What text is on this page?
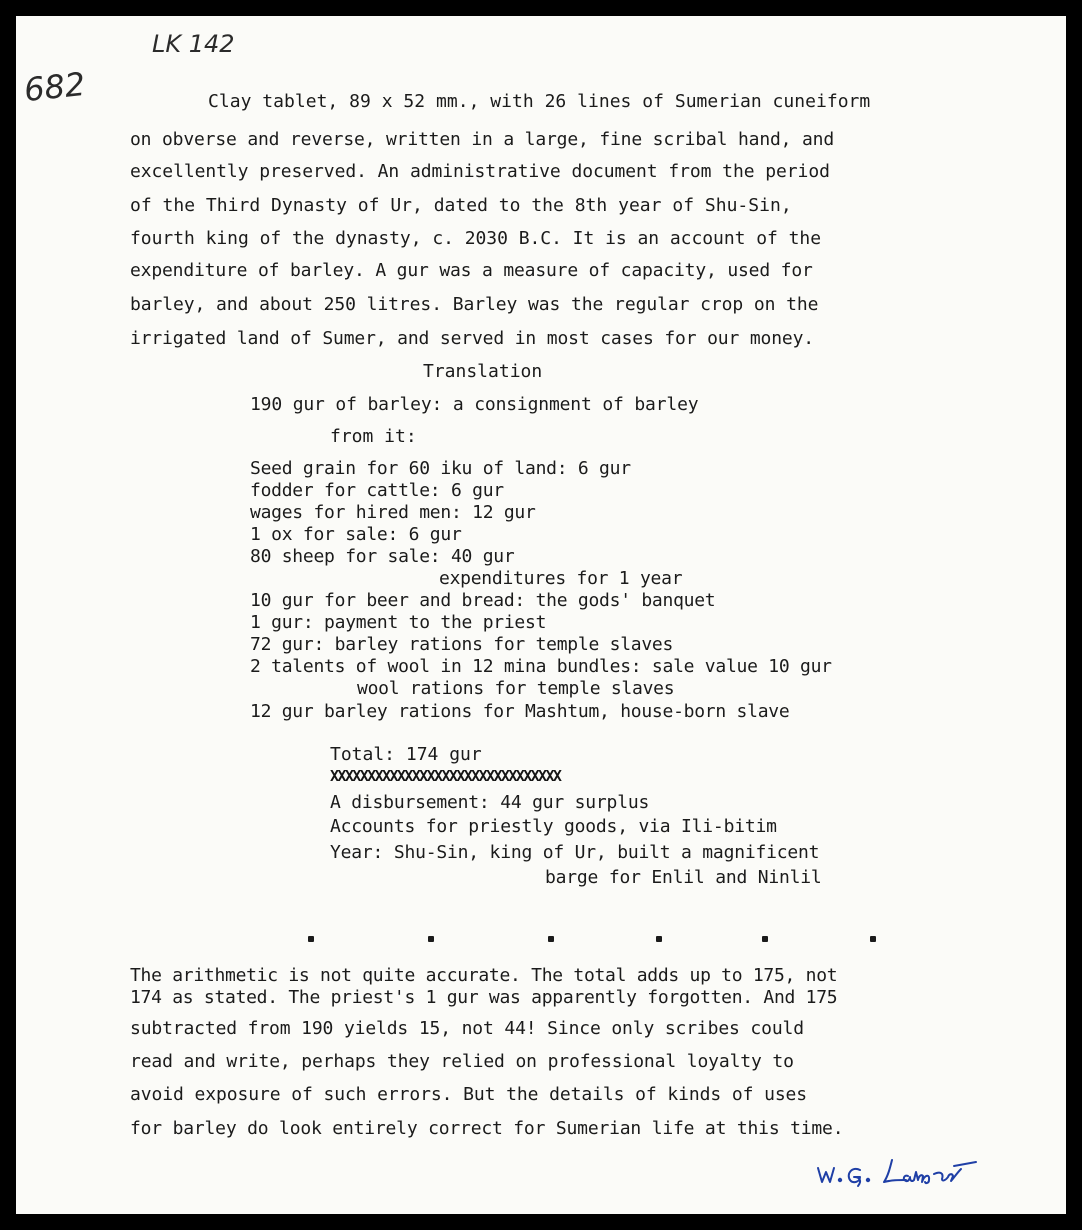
LK 142
682	Clay tablet, 89 x 52 mm., with 26 lines of Sumerian cuneiform
on obverse and reverse, written in a large, fine scribal hand, and
excellently preserved. An administrative document from the period
of the Third Dynasty of Ur, dated to the 8th year of Shu-Sin,
fourth king of the dynasty, c. 2030 B.C. It is an account of the
expenditure of barley. A gur was a measure of capacity, used for
barley, and about 250 litres. Barley was the regular crop on the
irrigated land of Sumer, and served in most cases for our money.
Translation
190 gur of barley: a consignment of barley
from it:
Seed grain for 60 iku of land: 6 gur
fodder for cattle: 6 gur
wages for hired men: 12 gur
1 ox for sale: 6 gur
80 sheep for sale: 40 gur
expenditures for 1 year
10 gur for beer and bread: the gods' banquet
1 gur: payment to the priest
72 gur: barley rations for temple slaves
2 talents of wool in 12 mina bundles: sale value 10 gur
wool rations for temple slaves
12 gur barley rations for Mashtum, house-born slave
Total: 174 gur
XXXXXXXXXXXXXXXXXXXXXXXXXXXXXXX
A disbursement: 44 gur surplus
Accounts for priestly goods, via Ili-bitim
Year: Shu-Sin, king of Ur, built a magnificent
barge for Enlil and Ninlil
The arithmetic is not quite accurate. The total adds up to 175, not
174 as stated. The priest's 1 gur was apparently forgotten. And 175
subtracted from 190 yields 15, not 44! Since only scribes could
read and write, perhaps they relied on professional loyalty to
avoid exposure of such errors. But the details of kinds of uses
for barley do look entirely correct for Sumerian life at this time.
